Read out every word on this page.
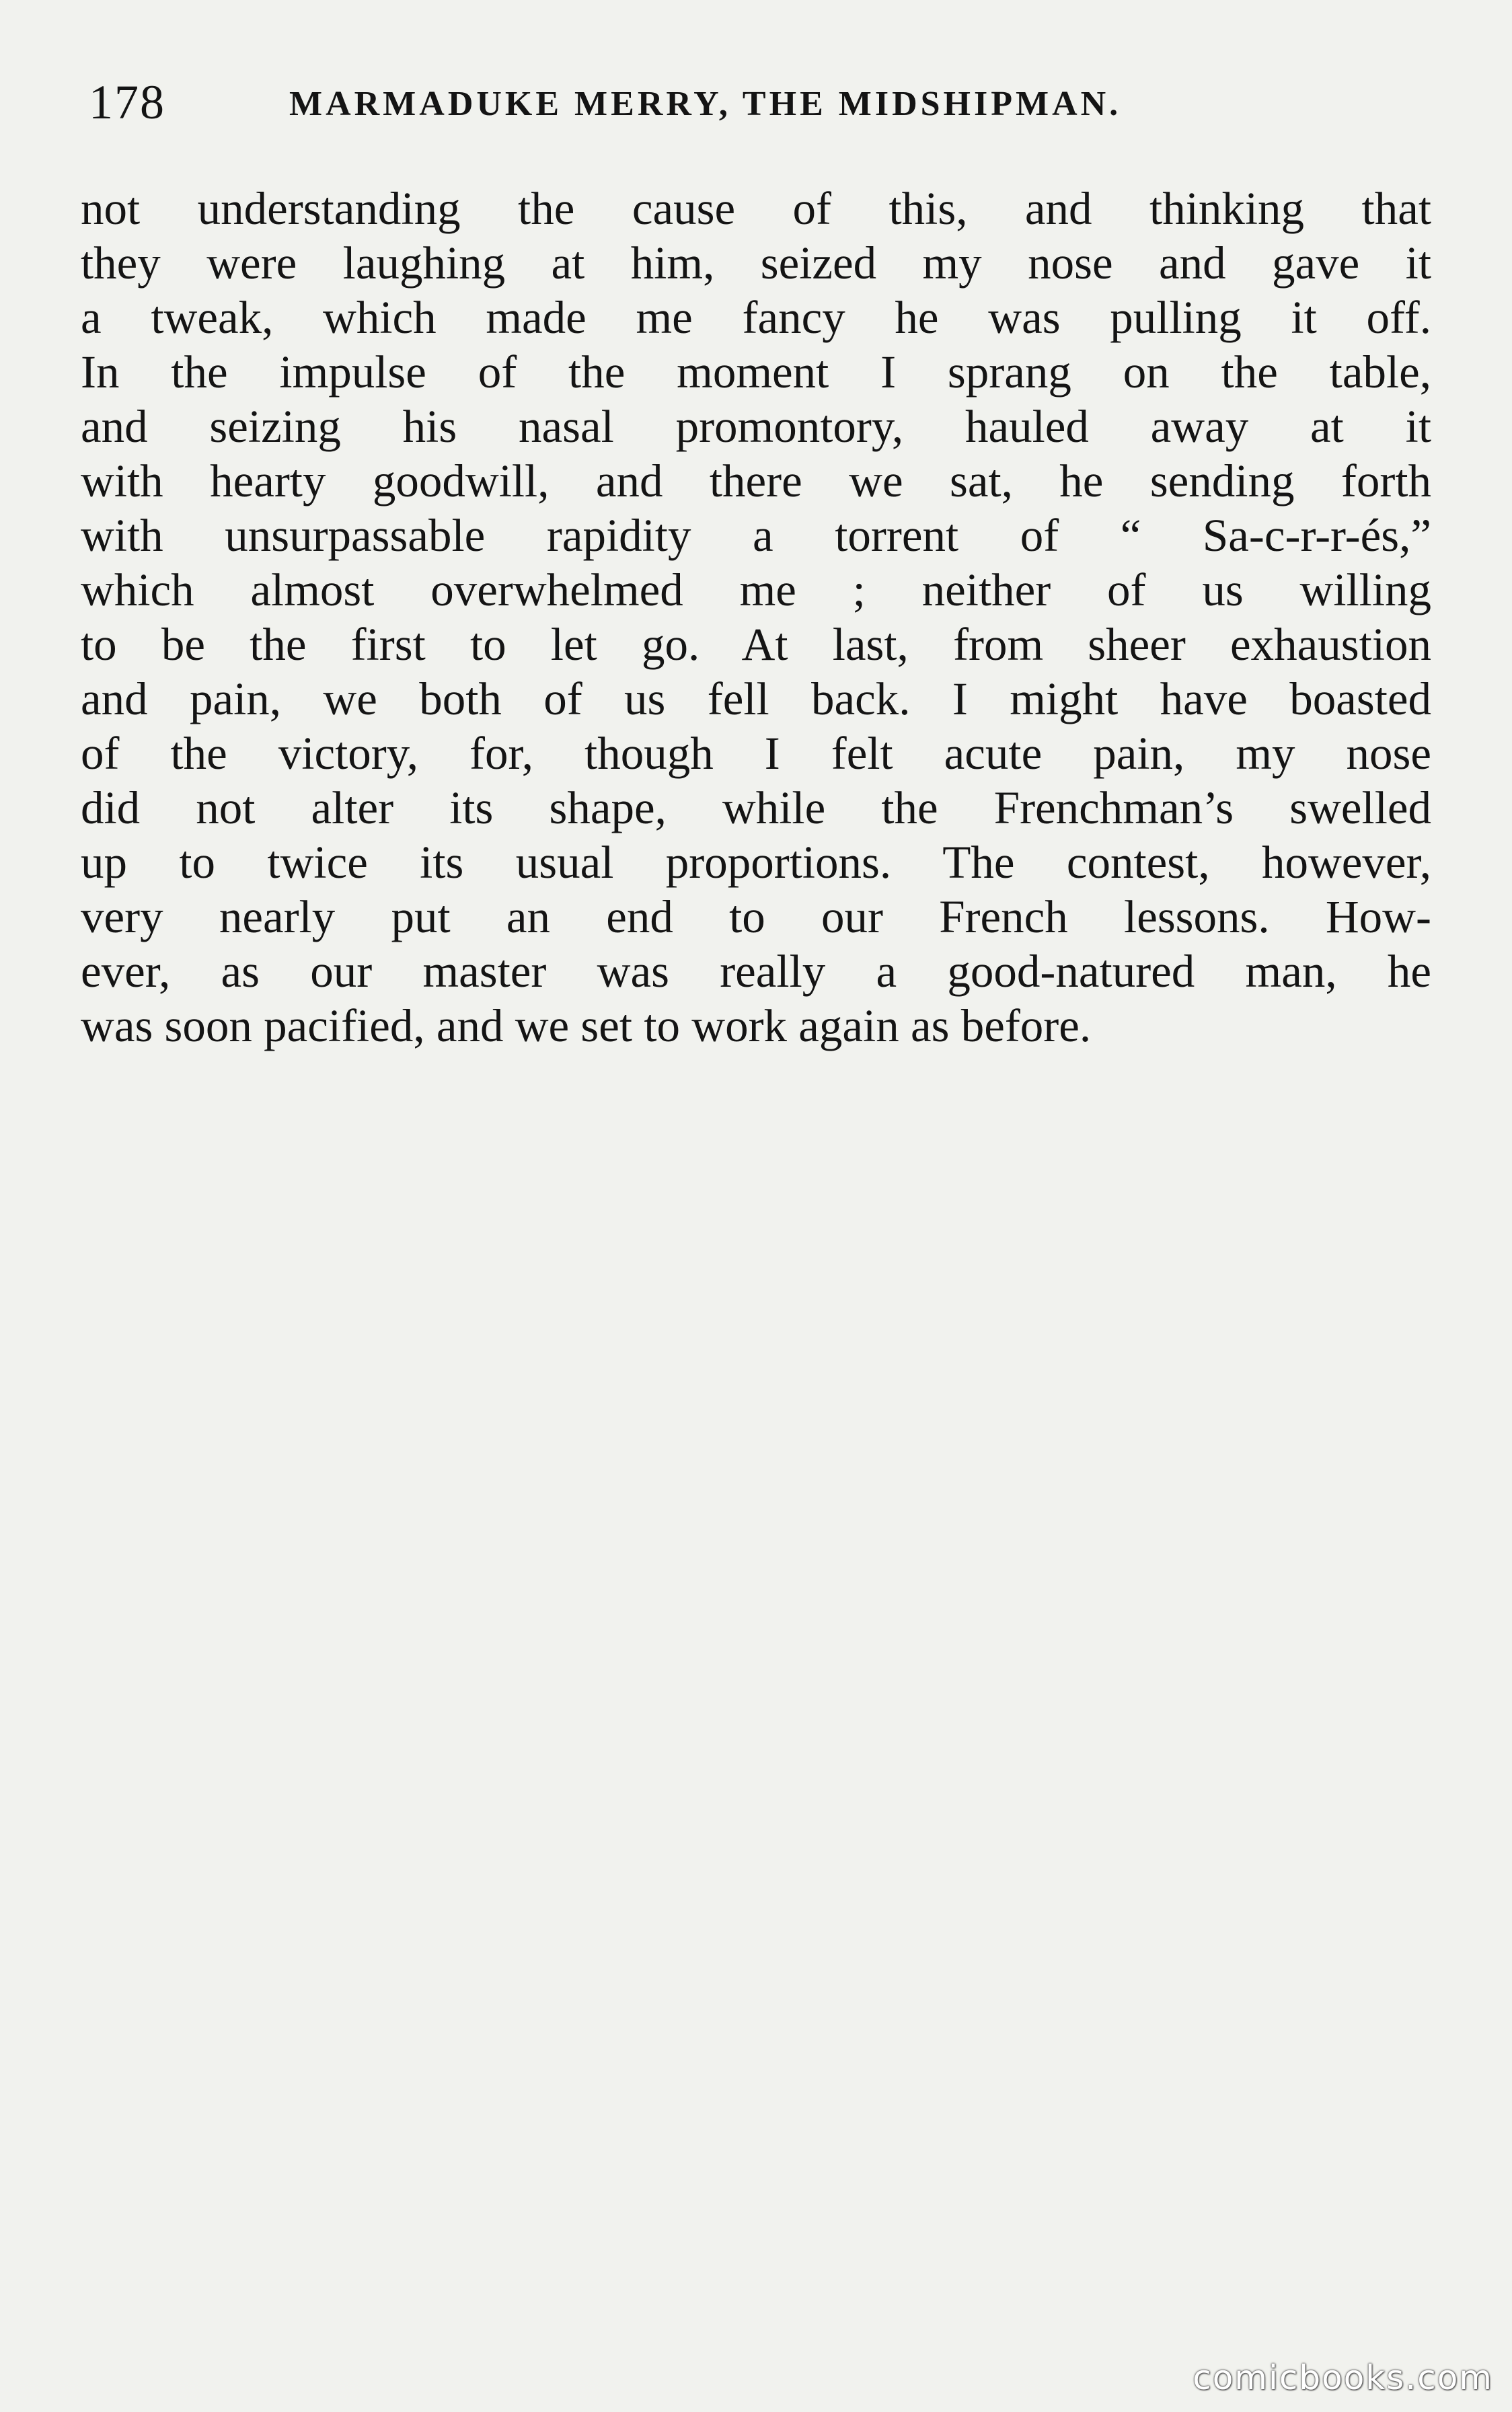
178	MARMADUKE MERRY, THE MIDSHIPMAN.
not understanding the cause of this, and thinking that
they were laughing at him, seized my nose and gave it
a tweak, which made me fancy he was pulling it off.
In the impulse of the moment I sprang on the table,
and seizing his nasal promontory, hauled away at it
with hearty goodwill, and there we sat, he sending forth
with unsurpassable rapidity a torrent of “ Sa-c-r-r-és,”
which almost overwhelmed me ; neither of us willing
to be the first to let go. At last, from sheer exhaustion
and pain, we both of us fell back. I might have boasted
of the victory, for, though I felt acute pain, my nose
did not alter its shape, while the Frenchman’s swelled
up to twice its usual proportions. The contest, however,
very nearly put an end to our French lessons. How-
ever, as our master was really a good-natured man, he
was soon pacified, and we set to work again as before.
comicbooks.com
